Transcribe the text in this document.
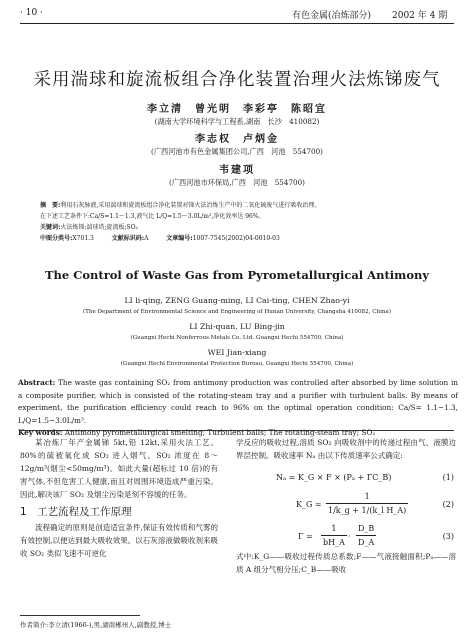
· 10 ·	有色金属(冶炼部分) 2002 年 4 期
采用湍球和旋流板组合净化装置治理火法炼锑废气
李立清　曾光明　李彩亭　陈昭宜
(湖南大学环境科学与工程系,湖南　长沙　410082)
李志权　卢炳金
(广西河池市有色金属集团公司,广西　河池　554700)
韦建项
(广西河池市环保局,广西　河池　554700)
摘　要:利用石灰脉液,采用湍球和旋流板组合净化装置对锑火法冶炼生产中的二氧化硫废气进行吸收治理。
在下述工艺条件下:Ca/S=1.1～1.3,液气比 L/Q=1.5～3.0L/m³,净化效率达 96%。
关键词:火法炼锑;湍球塔;旋流板;SO₂
中图分类号:X701.3	文献标识码:A	文章编号:1007-7545(2002)04-0010-03
The Control of Waste Gas from Pyrometallurgical Antimony
LI li-qing, ZENG Guang-ming, LI Cai-ting, CHEN Zhao-yi
(The Department of Environmental Science and Engineering of Hunan University, Changsha 410082, China)
LI Zhi-quan, LU Bing-jin
(Guangxi Hechi Nonferrous Metals Co. Ltd. Guangxi Hechi 554700, China)
WEI Jian-xiang
(Guangxi Hechi Environmental Protection Bureau, Guangxi Hechi 554700, China)
Abstract: The waste gas containing SO₂ from antimony production was controlled after absorbed by lime solution in a composite purifier, which is consisted of the rotating-steam tray and a purifier with turbulent balls. By means of experiment, the purification efficiency could reach to 96% on the optimal operation condition: Ca/S= 1.1~1.3, L/Q=1.5~3.0L/m³.
Key words: Antimony pyrometallurgical smelting; Turbulent balls; The rotating-steam tray; SO₂
某冶炼厂年产金属锑 5kt,铅 12kt,采用火法工艺。80%的硫被氧化成 SO₂ 进入烟气。SO₂ 浓度在 8～12g/m³(烟尘<50mg/m³)。如此大量(超标过 10 倍)的有害气体,不但危害工人健康,而且对周围环境造成严重污染。因此,解决该厂 SO₂ 及烟尘污染是刻不容缓的任务。
1　工艺流程及工作原理
流程确定的原则是创造适宜条件,保证有效传质和气雾的有效控制,以便达到最大吸收效果。以石灰溶液做吸收剂来吸收 SO₂ 类似飞速不可逆化
学反应的吸收过程,溶质 SO₂ 向吸收剂中的传递过程由气、液膜边界层控制。吸收速率 Nₐ 由以下传质速率公式确定:
Nₐ = K_G × F × (Pₐ + ΓC_B)	(1)
K_G = $\frac{1}{\text{1/k\_g + 1/(k\_l H\_A)}}$	(2)
$\Gamma = \frac{1}{bH\_A} \cdot \frac{D\_B}{D\_A}$	(3)
式中:K_G——吸收过程传质总系数;F——气液接触面积;Pₐ——溶质 A 组分气相分压;C_B——吸收
作者简介:李立清(1966-),男,湖南郴州人,副教授,博士
